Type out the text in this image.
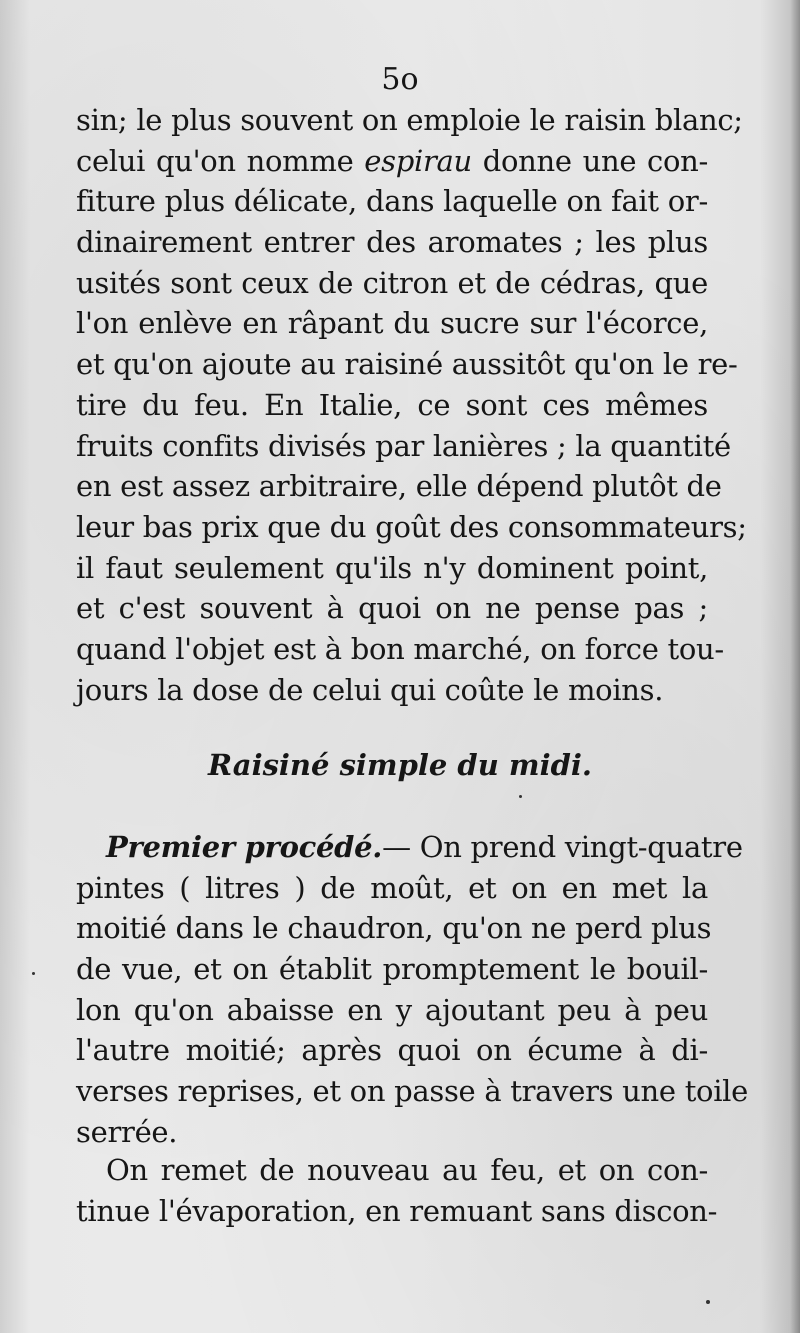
5o
sin; le plus souvent on emploie le raisin blanc;
celui qu'on nomme espirau donne une con-
fiture plus délicate, dans laquelle on fait or-
dinairement entrer des aromates ; les plus
usités sont ceux de citron et de cédras, que
l'on enlève en râpant du sucre sur l'écorce,
et qu'on ajoute au raisiné aussitôt qu'on le re-
tire du feu. En Italie, ce sont ces mêmes
fruits confits divisés par lanières ; la quantité
en est assez arbitraire, elle dépend plutôt de
leur bas prix que du goût des consommateurs;
il faut seulement qu'ils n'y dominent point,
et c'est souvent à quoi on ne pense pas ;
quand l'objet est à bon marché, on force tou-
jours la dose de celui qui coûte le moins.
Raisiné simple du midi.
Premier procédé.— On prend vingt-quatre
pintes ( litres ) de moût, et on en met la
moitié dans le chaudron, qu'on ne perd plus
de vue, et on établit promptement le bouil-
lon qu'on abaisse en y ajoutant peu à peu
l'autre moitié; après quoi on écume à di-
verses reprises, et on passe à travers une toile
serrée.
On remet de nouveau au feu, et on con-
tinue l'évaporation, en remuant sans discon-
